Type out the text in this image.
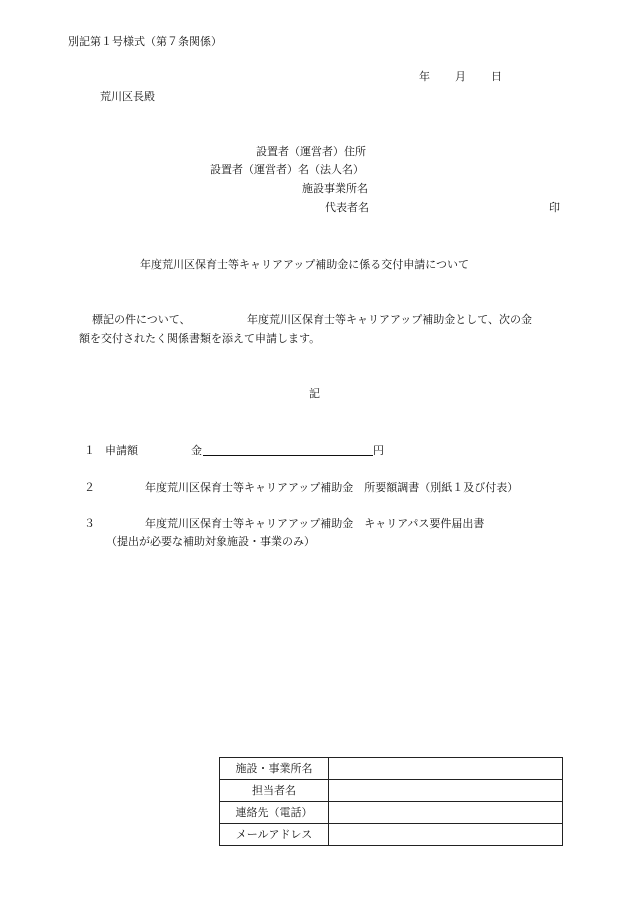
別記第１号様式（第７条関係）
年 月 日
荒川区長殿
設置者（運営者）住所
設置者（運営者）名（法人名）
施設事業所名
代表者名	印
年度荒川区保育士等キャリアアップ補助金に係る交付申請について
標記の件について、	年度荒川区保育士等キャリアアップ補助金として、次の金
額を交付されたく関係書類を添えて申請します。
記
１ 申請額	金	円
２	年度荒川区保育士等キャリアアップ補助金　所要額調書（別紙１及び付表）
３	年度荒川区保育士等キャリアアップ補助金　キャリアパス要件届出書
（提出が必要な補助対象施設・事業のみ）
施設・事業所名	
担当者名	
連絡先（電話）	
メールアドレス	
